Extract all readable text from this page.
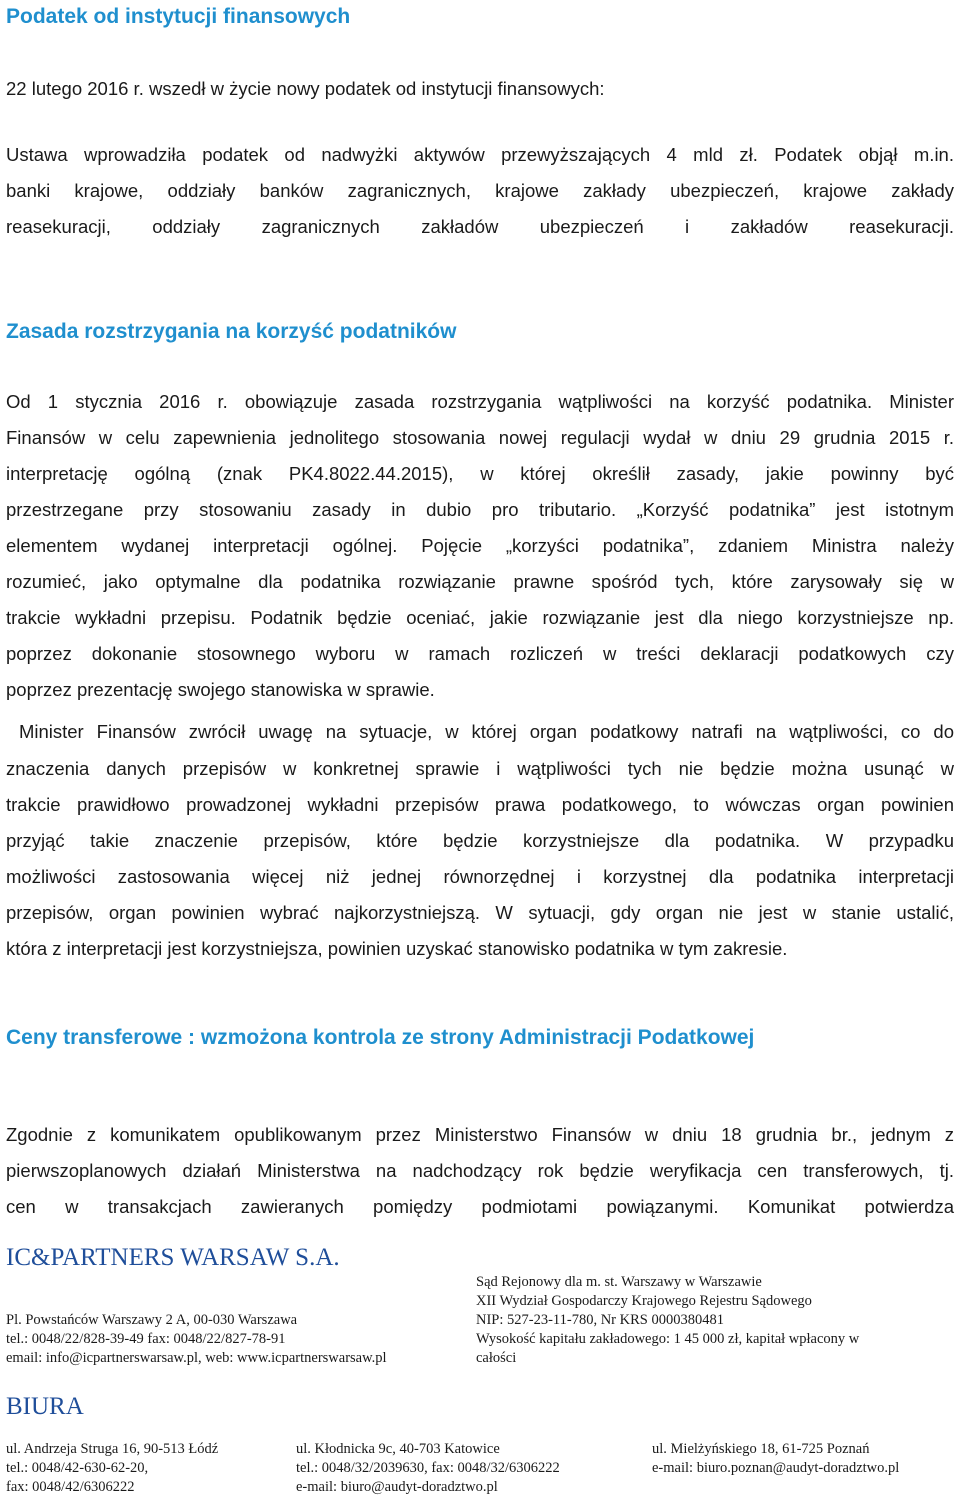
Podatek od instytucji finansowych
22 lutego 2016 r. wszedł w życie nowy podatek od instytucji finansowych:
Ustawa wprowadziła podatek od nadwyżki aktywów przewyższających 4 mld zł. Podatek objął m.in.
banki krajowe, oddziały banków zagranicznych, krajowe zakłady ubezpieczeń, krajowe zakłady
reasekuracji, oddziały zagranicznych zakładów ubezpieczeń i zakładów reasekuracji.
Zasada rozstrzygania na korzyść podatników
Od 1 stycznia 2016 r. obowiązuje zasada rozstrzygania wątpliwości na korzyść podatnika. Minister
Finansów w celu zapewnienia jednolitego stosowania nowej regulacji wydał w dniu 29 grudnia 2015 r.
interpretację ogólną (znak PK4.8022.44.2015), w której określił zasady, jakie powinny być
przestrzegane przy stosowaniu zasady in dubio pro tributario. „Korzyść podatnika” jest istotnym
elementem wydanej interpretacji ogólnej. Pojęcie „korzyści podatnika”, zdaniem Ministra należy
rozumieć, jako optymalne dla podatnika rozwiązanie prawne spośród tych, które zarysowały się w
trakcie wykładni przepisu. Podatnik będzie oceniać, jakie rozwiązanie jest dla niego korzystniejsze np.
poprzez dokonanie stosownego wyboru w ramach rozliczeń w treści deklaracji podatkowych czy
poprzez prezentację swojego stanowiska w sprawie.
Minister Finansów zwrócił uwagę na sytuacje, w której organ podatkowy natrafi na wątpliwości, co do
znaczenia danych przepisów w konkretnej sprawie i wątpliwości tych nie będzie można usunąć w
trakcie prawidłowo prowadzonej wykładni przepisów prawa podatkowego, to wówczas organ powinien
przyjąć takie znaczenie przepisów, które będzie korzystniejsze dla podatnika. W przypadku
możliwości zastosowania więcej niż jednej równorzędnej i korzystnej dla podatnika interpretacji
przepisów, organ powinien wybrać najkorzystniejszą. W sytuacji, gdy organ nie jest w stanie ustalić,
która z interpretacji jest korzystniejsza, powinien uzyskać stanowisko podatnika w tym zakresie.
Ceny transferowe : wzmożona kontrola ze strony Administracji Podatkowej
Zgodnie z komunikatem opublikowanym przez Ministerstwo Finansów w dniu 18 grudnia br., jednym z
pierwszoplanowych działań Ministerstwa na nadchodzący rok będzie weryfikacja cen transferowych, tj.
cen w transakcjach zawieranych pomiędzy podmiotami powiązanymi. Komunikat potwierdza
IC&PARTNERS WARSAW S.A.
Pl. Powstańców Warszawy 2 A, 00-030 Warszawa
tel.: 0048/22/828-39-49 fax: 0048/22/827-78-91
email: info@icpartnerswarsaw.pl, web: www.icpartnerswarsaw.pl
Sąd Rejonowy dla m. st. Warszawy w Warszawie
XII Wydział Gospodarczy Krajowego Rejestru Sądowego
NIP: 527-23-11-780, Nr KRS 0000380481
Wysokość kapitału zakładowego: 1 45 000 zł, kapitał wpłacony w
całości
BIURA
ul. Andrzeja Struga 16, 90-513 Łódź
tel.: 0048/42-630-62-20,
fax: 0048/42/6306222
ul. Kłodnicka 9c, 40-703 Katowice
tel.: 0048/32/2039630, fax: 0048/32/6306222
e-mail: biuro@audyt-doradztwo.pl
ul. Mielżyńskiego 18, 61-725 Poznań
e-mail: biuro.poznan@audyt-doradztwo.pl
